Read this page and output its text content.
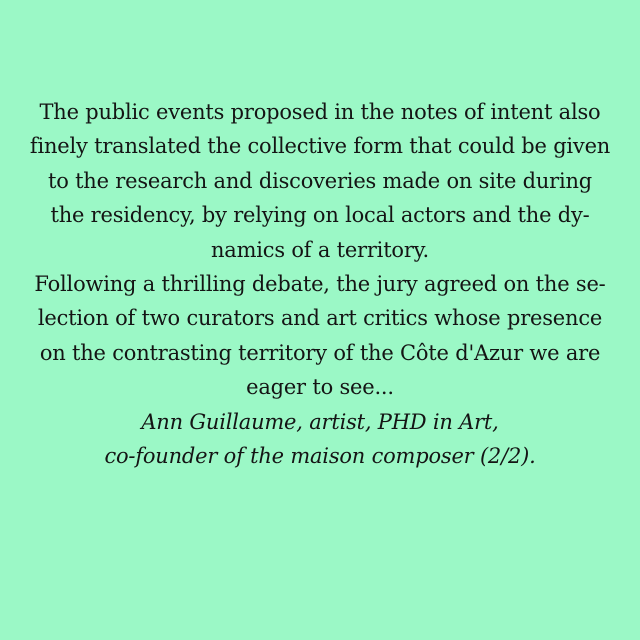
The public events proposed in the notes of intent also
finely translated the collective form that could be given
to the research and discoveries made on site during
the residency, by relying on local actors and the dy-
namics of a territory.
Following a thrilling debate, the jury agreed on the se-
lection of two curators and art critics whose presence
on the contrasting territory of the Côte d'Azur we are
eager to see...
Ann Guillaume, artist, PHD in Art,
co-founder of the maison composer (2/2).
